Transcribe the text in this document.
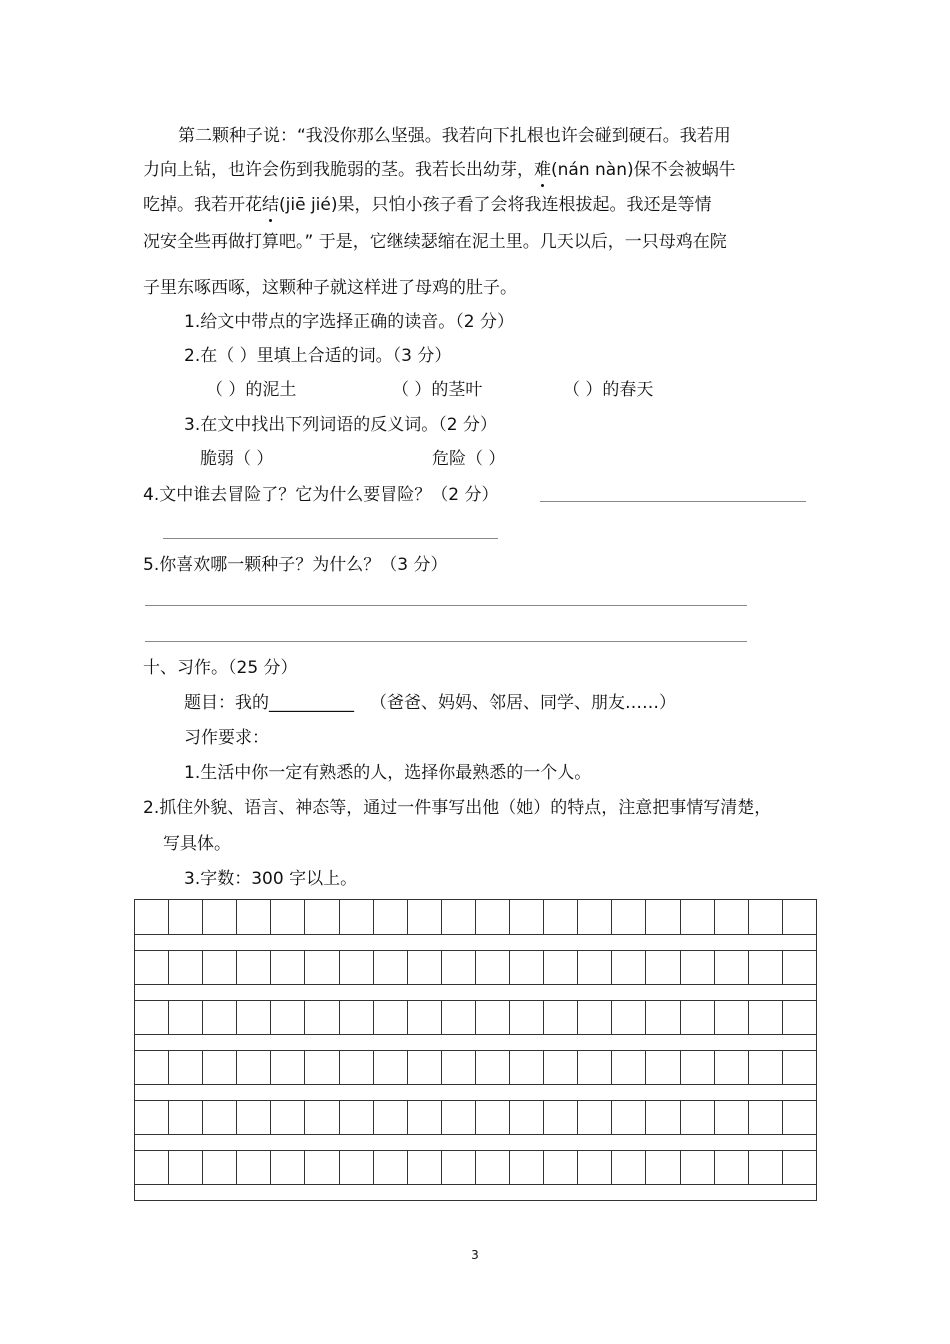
第二颗种子说：“我没你那么坚强。我若向下扎根也许会碰到硬石。我若用
力向上钻，也许会伤到我脆弱的茎。我若长出幼芽，难(nán nàn)保不会被蜗牛
吃掉。我若开花结(jiē jié)果，只怕小孩子看了会将我连根拔起。我还是等情
况安全些再做打算吧。” 于是，它继续瑟缩在泥土里。几天以后，一只母鸡在院
子里东啄西啄，这颗种子就这样进了母鸡的肚子。
1.给文中带点的字选择正确的读音。（2 分）
2.在（ ）里填上合适的词。（3 分）
（ ）的泥土	（ ）的茎叶	（ ）的春天
3.在文中找出下列词语的反义词。（2 分）
脆弱（ ）	危险（ ）
4.文中谁去冒险了？它为什么要冒险？（2 分）
5.你喜欢哪一颗种子？为什么？（3 分）
十、习作。（25 分）
题目：我的__________ （爸爸、妈妈、邻居、同学、朋友……）
习作要求：
1.生活中你一定有熟悉的人，选择你最熟悉的一个人。
2.抓住外貌、语言、神态等，通过一件事写出他（她）的特点，注意把事情写清楚，
写具体。
3.字数：300 字以上。
3
